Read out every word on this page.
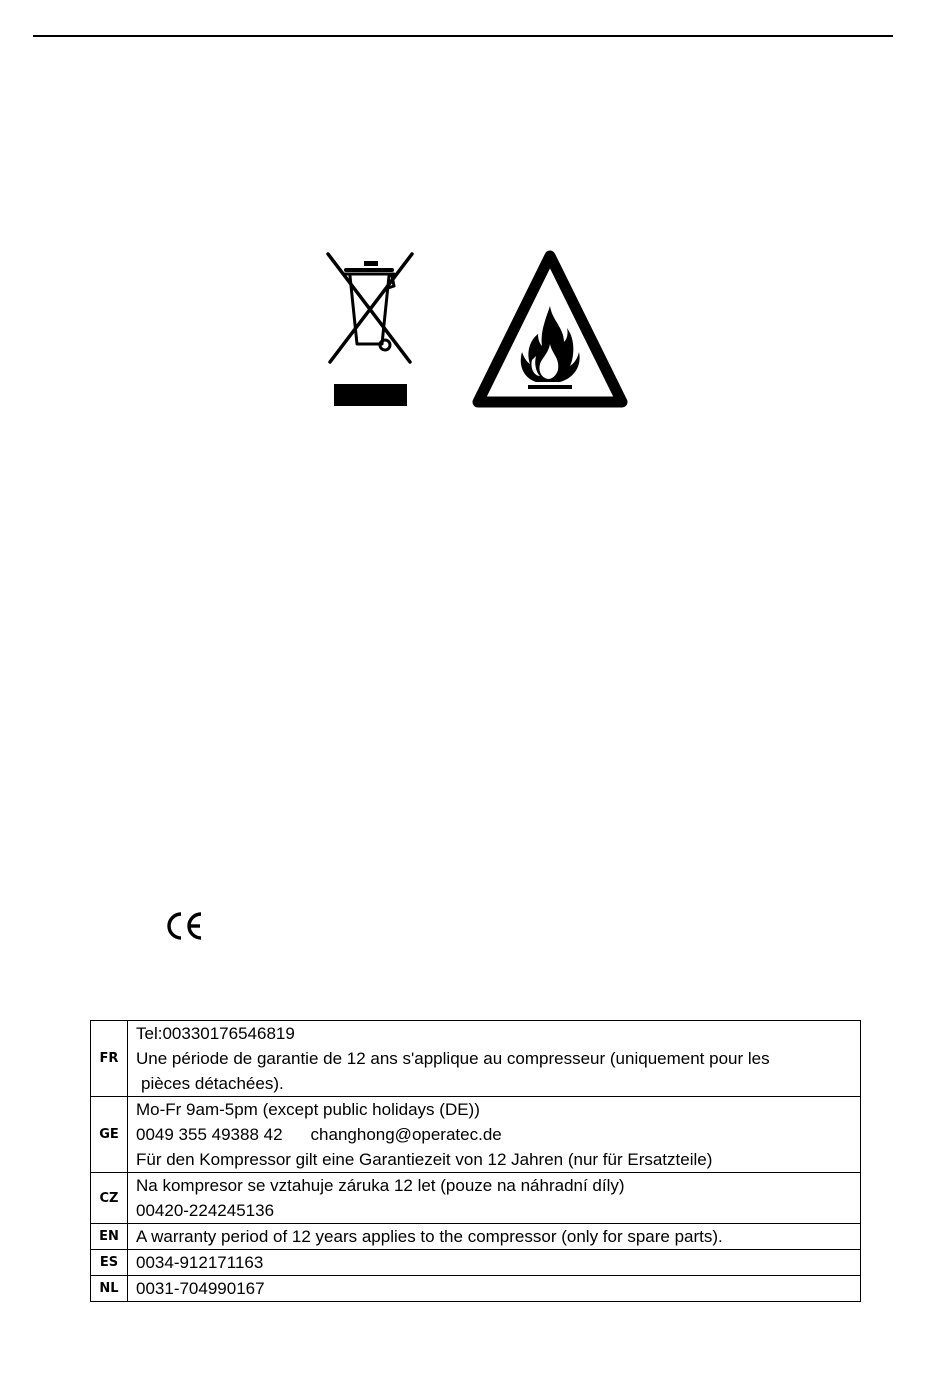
FR	Tel:00330176546819
Une période de garantie de 12 ans s'applique au compresseur (uniquement pour les
pièces détachées).

GE	Mo-Fr 9am-5pm (except public holidays (DE))
0049 355 49388 42 changhong@operatec.de
Für den Kompressor gilt eine Garantiezeit von 12 Jahren (nur für Ersatzteile)

CZ	Na kompresor se vztahuje záruka 12 let (pouze na náhradní díly)
00420-224245136

EN	A warranty period of 12 years applies to the compressor (only for spare parts).

ES	0034-912171163

NL	0031-704990167
